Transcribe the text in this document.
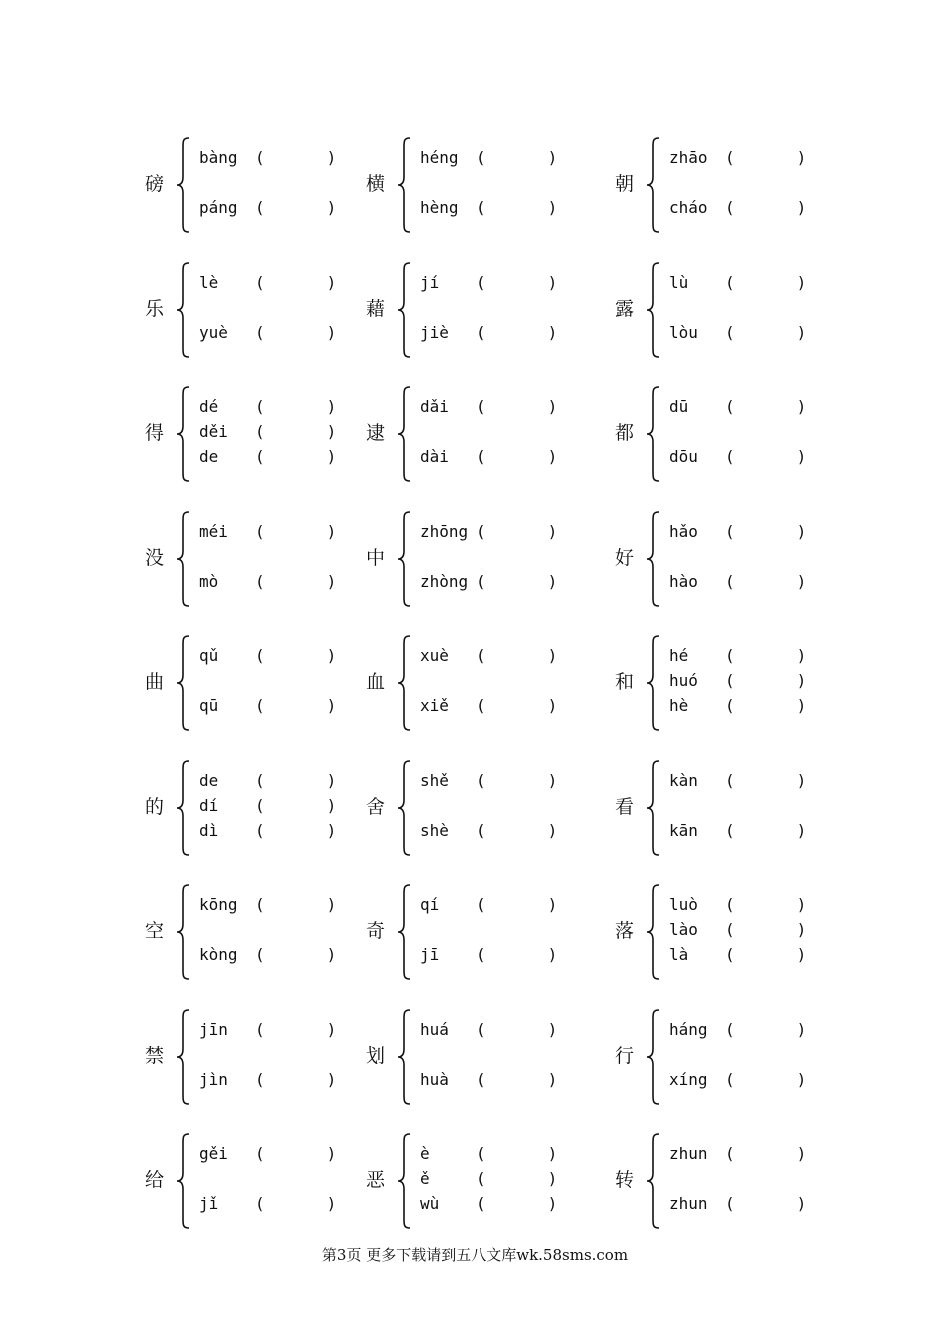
磅
bàng (	)
páng (	)
横
héng (	)
hèng (	)
朝
zhāo (	)
cháo (	)
乐
lè (	)
yuè (	)
藉
jí (	)
jiè (	)
露
lù (	)
lòu (	)
得
dé (	)
děi (	)
de (	)
逮
dǎi (	)
dài (	)
都
dū (	)
dōu (	)
没
méi (	)
mò (	)
中
zhōng (	)
zhòng (	)
好
hǎo (	)
hào (	)
曲
qǔ (	)
qū (	)
血
xuè (	)
xiě (	)
和
hé (	)
huó (	)
hè (	)
的
de (	)
dí (	)
dì (	)
舍
shě (	)
shè (	)
看
kàn (	)
kān (	)
空
kōng (	)
kòng (	)
奇
qí (	)
jī (	)
落
luò (	)
lào (	)
là (	)
禁
jīn (	)
jìn (	)
划
huá (	)
huà (	)
行
háng (	)
xíng (	)
给
gěi (	)
jǐ (	)
恶
è	(	)
ě	(	)
wù (	)
转
zhun (	)
zhun (	)
第3页 更多下载请到五八文库wk.58sms.com
